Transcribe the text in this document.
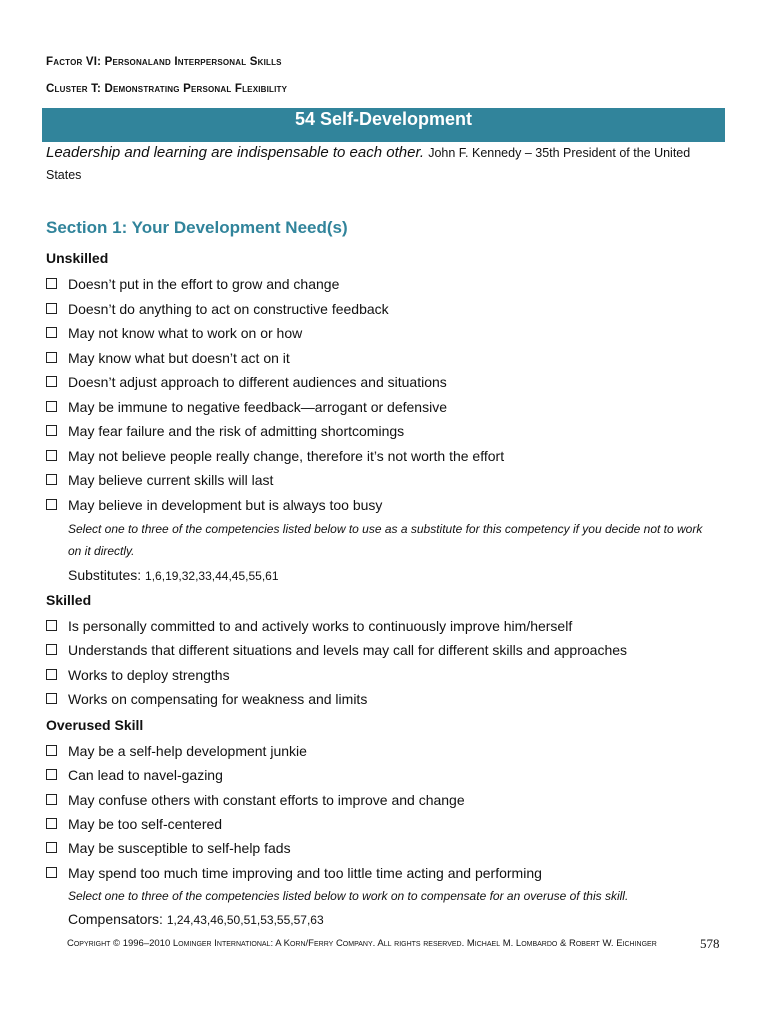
Factor VI: Personaland Interpersonal Skills
Cluster T: Demonstrating Personal Flexibility
54 Self-Development
Leadership and learning are indispensable to each other. John F. Kennedy – 35th President of the United States
Section 1: Your Development Need(s)
Unskilled
Doesn’t put in the effort to grow and change
Doesn’t do anything to act on constructive feedback
May not know what to work on or how
May know what but doesn’t act on it
Doesn’t adjust approach to different audiences and situations
May be immune to negative feedback—arrogant or defensive
May fear failure and the risk of admitting shortcomings
May not believe people really change, therefore it’s not worth the effort
May believe current skills will last
May believe in development but is always too busy
Select one to three of the competencies listed below to use as a substitute for this competency if you decide not to work on it directly.
Substitutes: 1,6,19,32,33,44,45,55,61
Skilled
Is personally committed to and actively works to continuously improve him/herself
Understands that different situations and levels may call for different skills and approaches
Works to deploy strengths
Works on compensating for weakness and limits
Overused Skill
May be a self-help development junkie
Can lead to navel-gazing
May confuse others with constant efforts to improve and change
May be too self-centered
May be susceptible to self-help fads
May spend too much time improving and too little time acting and performing
Select one to three of the competencies listed below to work on to compensate for an overuse of this skill.
Compensators: 1,24,43,46,50,51,53,55,57,63
Copyright © 1996–2010 Lominger International: A Korn/Ferry Company. All rights reserved. Michael M. Lombardo & Robert W. Eichinger	578
